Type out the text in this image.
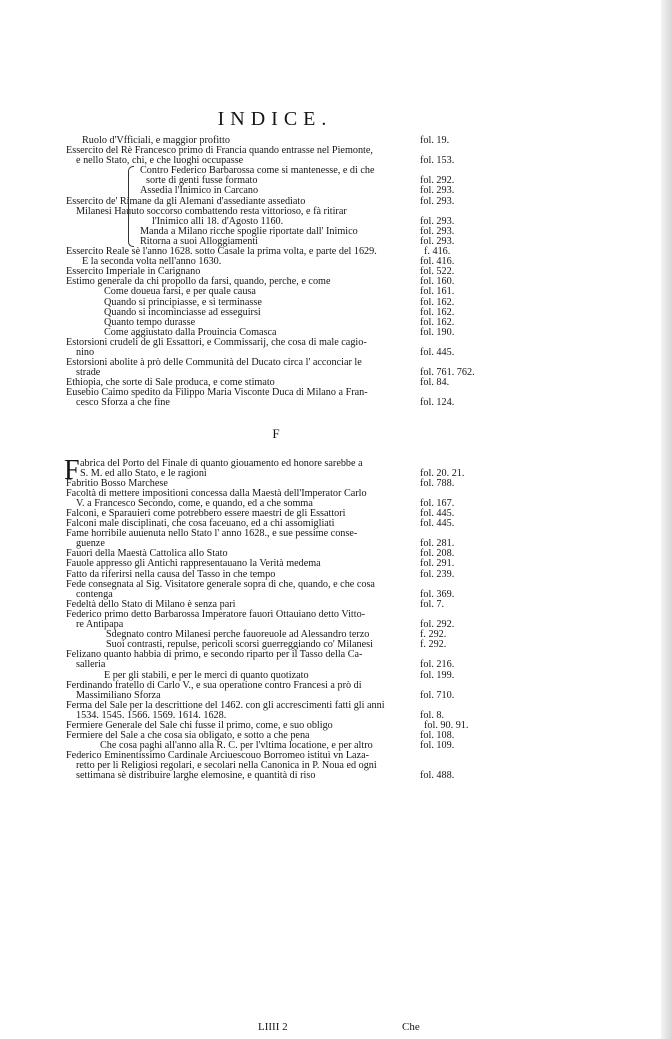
INDICE.
Ruolo d'Vfficiali, e maggior profitto	fol. 19.
Essercito del Rè Francesco primo di Francia quando entrasse nel Piemonte,
e nello Stato, chi, e che luoghi occupasse	fol. 153.
Contro Federico Barbarossa come si mantenesse, e di che
sorte di genti fusse formato	fol. 292.
Assedia l'Inimico in Carcano	fol. 293.
Essercito de' Rimane da gli Alemani d'assediante assediato	fol. 293.
Milanesi Hauuto soccorso combattendo resta vittorioso, e fà ritirar
l'Inimico alli 18. d'Agosto 1160.	fol. 293.
Manda a Milano ricche spoglie riportate dall' Inimico	fol. 293.
Ritorna a suoi Alloggiamenti	fol. 293.
Essercito Reale sè l'anno 1628. sotto Casale la prima volta, e parte del 1629.	f. 416.
E la seconda volta nell'anno 1630.	fol. 416.
Essercito Imperiale in Carignano	fol. 522.
Estimo generale da chi propollo da farsi, quando, perche, e come	fol. 160.
Come doueua farsi, e per quale causa	fol. 161.
Quando si principiasse, e si terminasse	fol. 162.
Quando si incominciasse ad esseguirsi	fol. 162.
Quanto tempo durasse	fol. 162.
Come aggiustato dalla Prouincia Comasca	fol. 190.
Estorsioni crudeli de gli Essattori, e Commissarij, che cosa di male cagio-
nino	fol. 445.
Estorsioni abolite à prò delle Communità del Ducato circa l' acconciar le
strade	fol. 761. 762.
Ethiopia, che sorte di Sale produca, e come stimato	fol. 84.
Eusebio Caimo spedito da Filippo Maria Visconte Duca di Milano a Fran-
cesco Sforza a che fine	fol. 124.
F
F abrica del Porto del Finale di quanto giouamento ed honore sarebbe a
S. M. ed allo Stato, e le ragioni	fol. 20. 21.
Fabritio Bosso Marchese	fol. 788.
Facoltà di mettere impositioni concessa dalla Maestà dell'Imperator Carlo
V. a Francesco Secondo, come, e quando, ed a che somma	fol. 167.
Falconi, e Sparauieri come potrebbero essere maestri de gli Essattori	fol. 445.
Falconi male disciplinati, che cosa faceuano, ed a chi assomigliati	fol. 445.
Fame horribile auuenuta nello Stato l' anno 1628., e sue pessime conse-
guenze	fol. 281.
Fauori della Maestà Cattolica allo Stato	fol. 208.
Fauole appresso gli Antichi rappresentauano la Verità medema	fol. 291.
Fatto da riferirsi nella causa del Tasso in che tempo	fol. 239.
Fede consegnata al Sig. Visitatore generale sopra di che, quando, e che cosa
contenga	fol. 369.
Fedeltà dello Stato di Milano è senza pari	fol. 7.
Federico primo detto Barbarossa Imperatore fauorì Ottauiano detto Vitto-
re Antipapa	fol. 292.
Sdegnato contro Milanesi perche fauoreuole ad Alessandro terzo	f. 292.
Suoi contrasti, repulse, pericoli scorsi guerreggiando co' Milanesi	f. 292.
Felizano quanto habbia di primo, e secondo riparto per il Tasso della Ca-
salleria	fol. 216.
E per gli stabili, e per le merci di quanto quotizato	fol. 199.
Ferdinando fratello di Carlo V., e sua operatione contro Francesi a prò di
Massimiliano Sforza	fol. 710.
Ferma del Sale per la descrittione del 1462. con gli accrescimenti fatti gli anni
1534. 1545. 1566. 1569. 1614. 1628.	fol. 8.
Fermiere Generale del Sale chi fusse il primo, come, e suo obligo	fol. 90. 91.
Fermiere del Sale a che cosa sia obligato, e sotto a che pena	fol. 108.
Che cosa paghi all'anno alla R. C. per l'vltima locatione, e per altro	fol. 109.
Federico Eminentissimo Cardinale Arciuescouo Borromeo istituì vn Laza-
retto per li Religiosi regolari, e secolari nella Canonica in P. Noua ed ogni
settimana sè distribuire larghe elemosine, e quantità di riso	fol. 488.
LIIII 2	Che
